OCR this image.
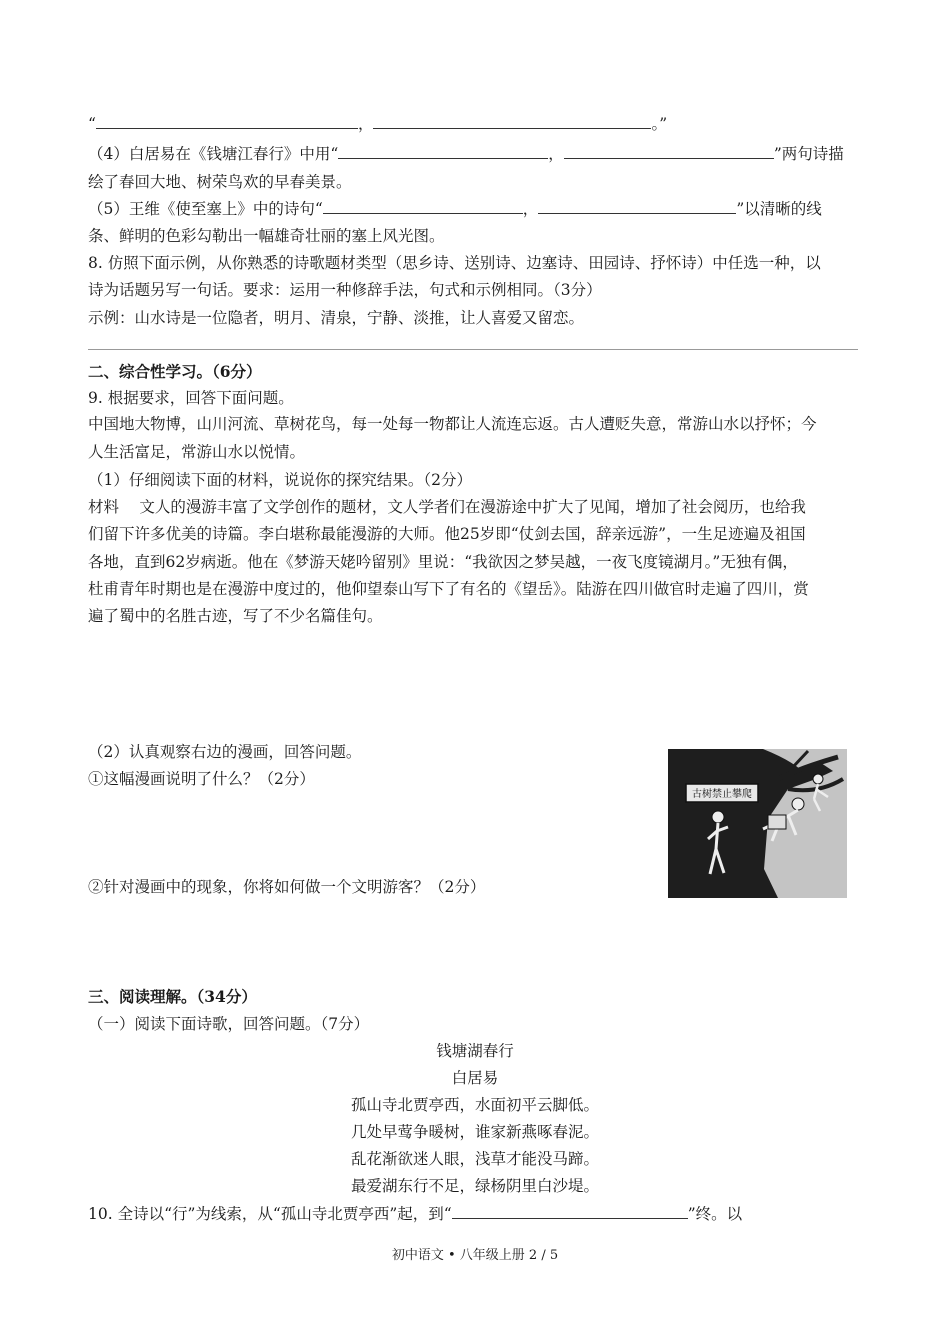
“	，	。”
（4）白居易在《钱塘江春行》中用“	，	”两句诗描
绘了春回大地、树荣鸟欢的早春美景。
（5）王维《使至塞上》中的诗句“	，	”以清晰的线
条、鲜明的色彩勾勒出一幅雄奇壮丽的塞上风光图。
8. 仿照下面示例，从你熟悉的诗歌题材类型（思乡诗、送别诗、边塞诗、田园诗、抒怀诗）中任选一种，以
诗为话题另写一句话。要求：运用一种修辞手法，句式和示例相同。（3分）
示例：山水诗是一位隐者，明月、清泉，宁静、淡推，让人喜爱又留恋。
二、综合性学习。（6分）
9. 根据要求，回答下面问题。
中国地大物博，山川河流、草树花鸟，每一处每一物都让人流连忘返。古人遭贬失意，常游山水以抒怀；今
人生活富足，常游山水以悦情。
（1）仔细阅读下面的材料，说说你的探究结果。（2分）
材料　 文人的漫游丰富了文学创作的题材，文人学者们在漫游途中扩大了见闻，增加了社会阅历，也给我
们留下许多优美的诗篇。李白堪称最能漫游的大师。他25岁即“仗剑去国，辞亲远游”，一生足迹遍及祖国
各地，直到62岁病逝。他在《梦游天姥吟留别》里说：“我欲因之梦吴越，一夜飞度镜湖月。”无独有偶，
杜甫青年时期也是在漫游中度过的，他仰望泰山写下了有名的《望岳》。陆游在四川做官时走遍了四川，赏
遍了蜀中的名胜古迹，写了不少名篇佳句。
（2）认真观察右边的漫画，回答问题。
①这幅漫画说明了什么？（2分）
②针对漫画中的现象，你将如何做一个文明游客？（2分）
古树禁止攀爬
三、阅读理解。（34分）
（一）阅读下面诗歌，回答问题。（7分）
钱塘湖春行
白居易
孤山寺北贾亭西，水面初平云脚低。
几处早莺争暖树，谁家新燕啄春泥。
乱花渐欲迷人眼，浅草才能没马蹄。
最爱湖东行不足，绿杨阴里白沙堤。
10. 全诗以“行”为线索，从“孤山寺北贾亭西”起，到“	”终。以
初中语文 • 八年级上册 2 / 5
